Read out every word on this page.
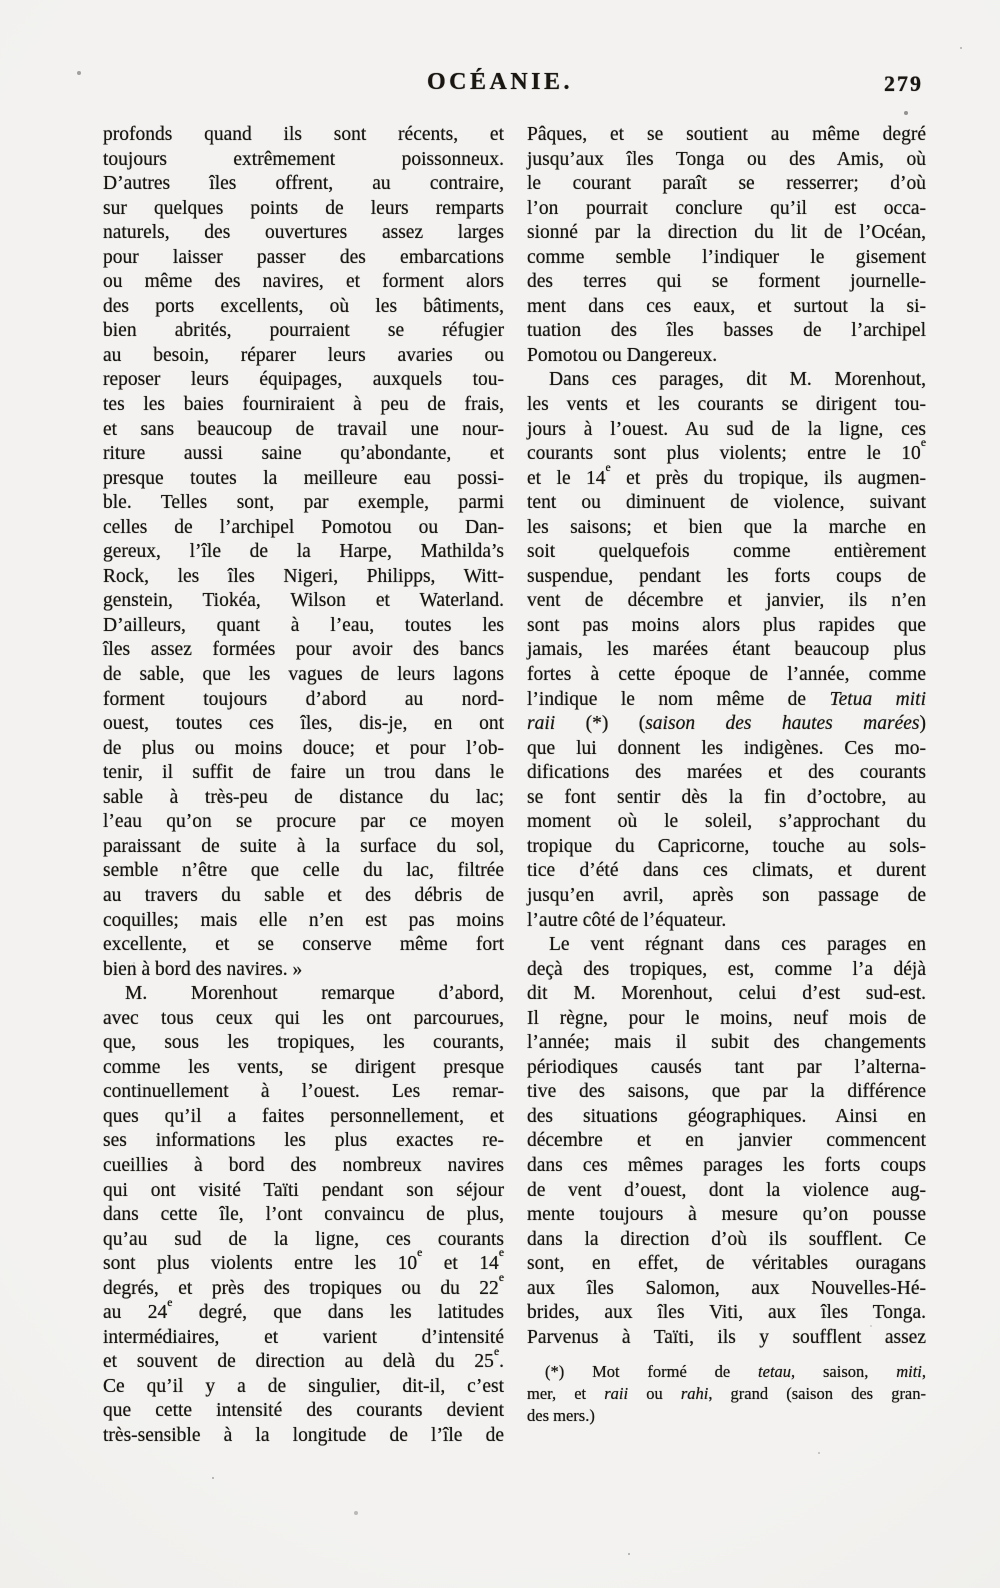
OCÉANIE.	279
profonds quand ils sont récents, et
toujours extrêmement poissonneux.
D’autres îles offrent, au contraire,
sur quelques points de leurs remparts
naturels, des ouvertures assez larges
pour laisser passer des embarcations
ou même des navires, et forment alors
des ports excellents, où les bâtiments,
bien abrités, pourraient se réfugier
au besoin, réparer leurs avaries ou
reposer leurs équipages, auxquels tou-
tes les baies fourniraient à peu de frais,
et sans beaucoup de travail une nour-
riture aussi saine qu’abondante, et
presque toutes la meilleure eau possi-
ble. Telles sont, par exemple, parmi
celles de l’archipel Pomotou ou Dan-
gereux, l’île de la Harpe, Mathilda’s
Rock, les îles Nigeri, Philipps, Witt-
genstein, Tiokéa, Wilson et Waterland.
D’ailleurs, quant à l’eau, toutes les
îles assez formées pour avoir des bancs
de sable, que les vagues de leurs lagons
forment toujours d’abord au nord-
ouest, toutes ces îles, dis-je, en ont
de plus ou moins douce; et pour l’ob-
tenir, il suffit de faire un trou dans le
sable à très-peu de distance du lac;
l’eau qu’on se procure par ce moyen
paraissant de suite à la surface du sol,
semble n’être que celle du lac, filtrée
au travers du sable et des débris de
coquilles; mais elle n’en est pas moins
excellente, et se conserve même fort
bien à bord des navires. »
M. Morenhout remarque d’abord,
avec tous ceux qui les ont parcourues,
que, sous les tropiques, les courants,
comme les vents, se dirigent presque
continuellement à l’ouest. Les remar-
ques qu’il a faites personnellement, et
ses informations les plus exactes re-
cueillies à bord des nombreux navires
qui ont visité Taïti pendant son séjour
dans cette île, l’ont convaincu de plus,
qu’au sud de la ligne, ces courants
sont plus violents entre les 10e et 14e
degrés, et près des tropiques ou du 22e
au 24e degré, que dans les latitudes
intermédiaires, et varient d’intensité
et souvent de direction au delà du 25e.
Ce qu’il y a de singulier, dit-il, c’est
que cette intensité des courants devient
très-sensible à la longitude de l’île de
Pâques, et se soutient au même degré
jusqu’aux îles Tonga ou des Amis, où
le courant paraît se resserrer; d’où
l’on pourrait conclure qu’il est occa-
sionné par la direction du lit de l’Océan,
comme semble l’indiquer le gisement
des terres qui se forment journelle-
ment dans ces eaux, et surtout la si-
tuation des îles basses de l’archipel
Pomotou ou Dangereux.
Dans ces parages, dit M. Morenhout,
les vents et les courants se dirigent tou-
jours à l’ouest. Au sud de la ligne, ces
courants sont plus violents; entre le 10e
et le 14e et près du tropique, ils augmen-
tent ou diminuent de violence, suivant
les saisons; et bien que la marche en
soit quelquefois comme entièrement
suspendue, pendant les forts coups de
vent de décembre et janvier, ils n’en
sont pas moins alors plus rapides que
jamais, les marées étant beaucoup plus
fortes à cette époque de l’année, comme
l’indique le nom même de Tetua miti
raii (*) (saison des hautes marées)
que lui donnent les indigènes. Ces mo-
difications des marées et des courants
se font sentir dès la fin d’octobre, au
moment où le soleil, s’approchant du
tropique du Capricorne, touche au sols-
tice d’été dans ces climats, et durent
jusqu’en avril, après son passage de
l’autre côté de l’équateur.
Le vent régnant dans ces parages en
deçà des tropiques, est, comme l’a déjà
dit M. Morenhout, celui d’est sud-est.
Il règne, pour le moins, neuf mois de
l’année; mais il subit des changements
périodiques causés tant par l’alterna-
tive des saisons, que par la différence
des situations géographiques. Ainsi en
décembre et en janvier commencent
dans ces mêmes parages les forts coups
de vent d’ouest, dont la violence aug-
mente toujours à mesure qu’on pousse
dans la direction d’où ils soufflent. Ce
sont, en effet, de véritables ouragans
aux îles Salomon, aux Nouvelles-Hé-
brides, aux îles Viti, aux îles Tonga.
Parvenus à Taïti, ils y soufflent assez
(*) Mot formé de tetau, saison, miti,
mer, et raii ou rahi, grand (saison des gran-
des mers.)
